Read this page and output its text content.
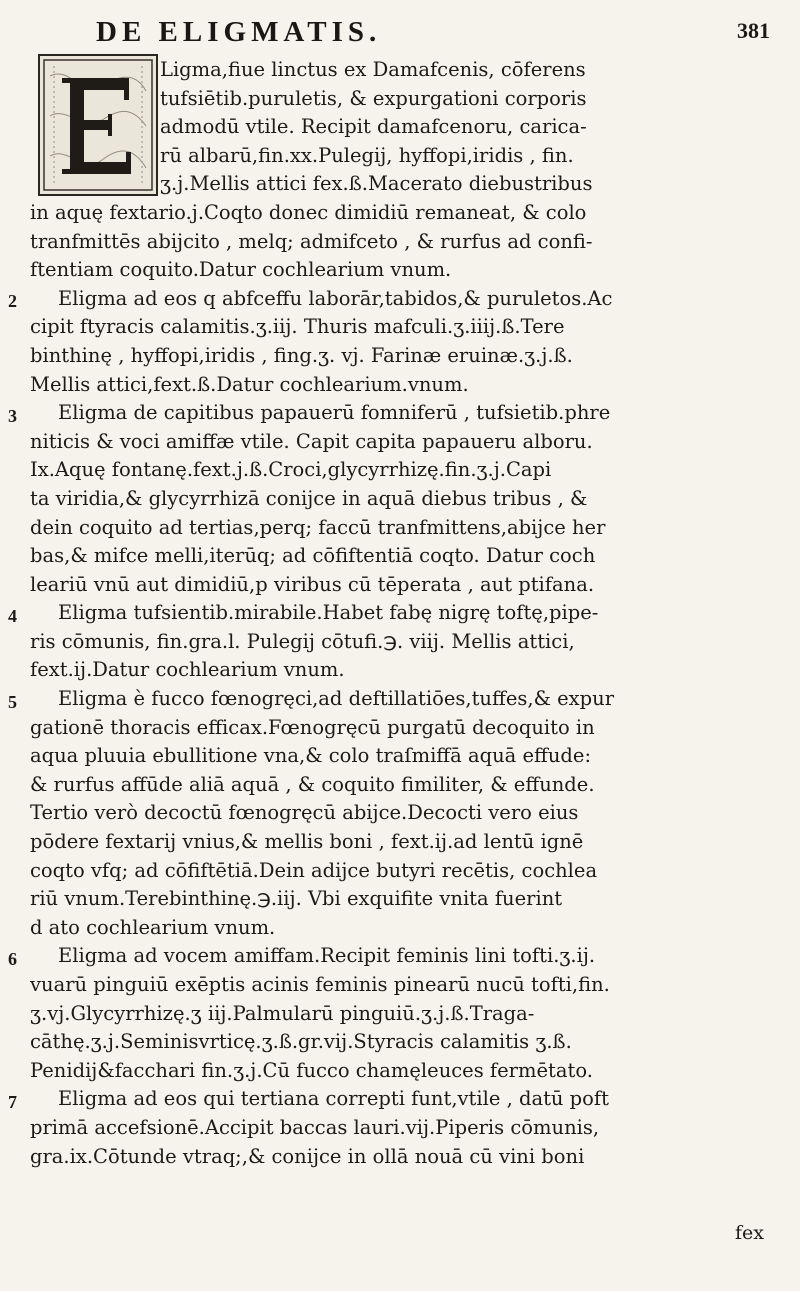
DE ELIGMATIS.	381
Ligma,fiue linctus ex Damafcenis, cōferens
tufsiētib.puruletis, & expurgationi corporis
admodū vtile. Recipit damafcenoru, carica-
rū albarū,fin.xx.Pulegij, hyffopi,iridis , fin.
ʒ.j.Mellis attici fex.ß.Macerato diebustribus
in aquę fextario.j.Coqto donec dimidiū remaneat, & colo
tranfmittēs abijcito , melq; admifceto , & rurfus ad confi-
ftentiam coquito.Datur cochlearium vnum.
Eligma ad eos q abfceffu laborār,tabidos,& puruletos.Ac
cipit ftyracis calamitis.ʒ.iij. Thuris mafculi.ʒ.iiij.ß.Tere
binthinę , hyffopi,iridis , fing.ʒ. vj. Farinæ eruinæ.ʒ.j.ß.
Mellis attici,fext.ß.Datur cochlearium.vnum.
Eligma de capitibus papauerū fomniferū , tufsietib.phre
niticis & voci amiffæ vtile. Capit capita papaueru alboru.
Ix.Aquę fontanę.fext.j.ß.Croci,glycyrrhizę.fin.ʒ.j.Capi
ta viridia,& glycyrrhizā conijce in aquā diebus tribus , &
dein coquito ad tertias,perq; faccū tranfmittens,abijce her
bas,& mifce melli,iterūq; ad cōfiftentiā coqto. Datur coch
leariū vnū aut dimidiū,p viribus cū tēperata , aut ptifana.
Eligma tufsientib.mirabile.Habet fabę nigrę toftę,pipe-
ris cōmunis, fin.gra.l. Pulegij cōtufi.℈. viij. Mellis attici,
fext.ij.Datur cochlearium vnum.
Eligma è fucco fœnogręci,ad deftillatiōes,tuffes,& expur
gationē thoracis efficax.Fœnogręcū purgatū decoquito in
aqua pluuia ebullitione vna,& colo traſmiffā aquā effude:
& rurfus affūde aliā aquā , & coquito fimiliter, & effunde.
Tertio verò decoctū fœnogręcū abijce.Decocti vero eius
pōdere fextarij vnius,& mellis boni , fext.ij.ad lentū ignē
coqto vfq; ad cōfiftētiā.Dein adijce butyri recētis, cochlea
riū vnum.Terebinthinę.℈.iij. Vbi exquifite vnita fuerint
d ato cochlearium vnum.
Eligma ad vocem amiffam.Recipit feminis lini tofti.ʒ.ij.
vuarū pinguiū exēptis acinis feminis pinearū nucū tofti,fin.
ʒ.vj.Glycyrrhizę.ʒ iij.Palmularū pinguiū.ʒ.j.ß.Traga-
cāthę.ʒ.j.Seminisvrticę.ʒ.ß.gr.vij.Styracis calamitis ʒ.ß.
Penidij&facchari fin.ʒ.j.Cū fucco chamęleuces fermētato.
Eligma ad eos qui tertiana correpti funt,vtile , datū poft
primā accefsionē.Accipit baccas lauri.vij.Piperis cōmunis,
gra.ix.Cōtunde vtraq;,& conijce in ollā nouā cū vini boni
2
3
4
5
6
7
fex
